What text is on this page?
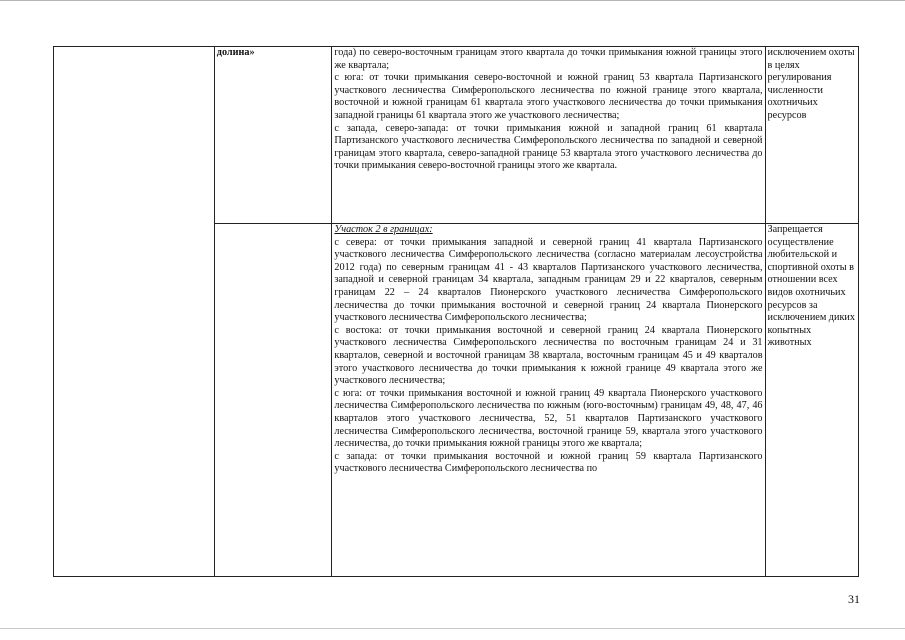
	долина»	года) по северо-восточным границам этого квартала до точки примыкания южной границы этого же квартала;

с юга: от точки примыкания северо-восточной и южной границ 53 квартала Партизанского участкового лесничества Симферопольского лесничества по южной границе этого квартала, восточной и южной границам 61 квартала этого участкового лесничества до точки примыкания западной границы 61 квартала этого же участкового лесничества;

с запада, северо-запада: от точки примыкания южной и западной границ 61 квартала Партизанского участкового лесничества Симферопольского лесничества по западной и северной границам этого квартала, северо-западной границе 53 квартала этого участкового лесничества до точки примыкания северо-восточной границы этого же квартала.	исключением охоты в целях регулирования численности охотничьих ресурсов

		Участок 2 в границах:

с севера: от точки примыкания западной и северной границ 41 квартала Партизанского участкового лесничества Симферопольского лесничества (согласно материалам лесоустройства 2012 года) по северным границам 41 - 43 кварталов Партизанского участкового лесничества, западной и северной границам 34 квартала, западным границам 29 и 22 кварталов, северным границам 22 – 24 кварталов Пионерского участкового лесничества Симферопольского лесничества до точки примыкания восточной и северной границ 24 квартала Пионерского участкового лесничества Симферопольского лесничества;

с востока: от точки примыкания восточной и северной границ 24 квартала Пионерского участкового лесничества Симферопольского лесничества по восточным границам 24 и 31 кварталов, северной и восточной границам 38 квартала, восточным границам 45 и 49 кварталов этого участкового лесничества до точки примыкания к южной границе 49 квартала этого же участкового лесничества;

с юга: от точки примыкания восточной и южной границ 49 квартала Пионерского участкового лесничества Симферопольского лесничества по южным (юго-восточным) границам 49, 48, 47, 46 кварталов этого участкового лесничества, 52, 51 кварталов Партизанского участкового лесничества Симферопольского лесничества, восточной границе 59, квартала этого участкового лесничества, до точки примыкания южной границы этого же квартала;

с запада: от точки примыкания восточной и южной границ 59 квартала Партизанского участкового лесничества Симферопольского лесничества по	Запрещается осуществление любительской и спортивной охоты в отношении всех видов охотничьих ресурсов за исключением диких копытных животных
31
